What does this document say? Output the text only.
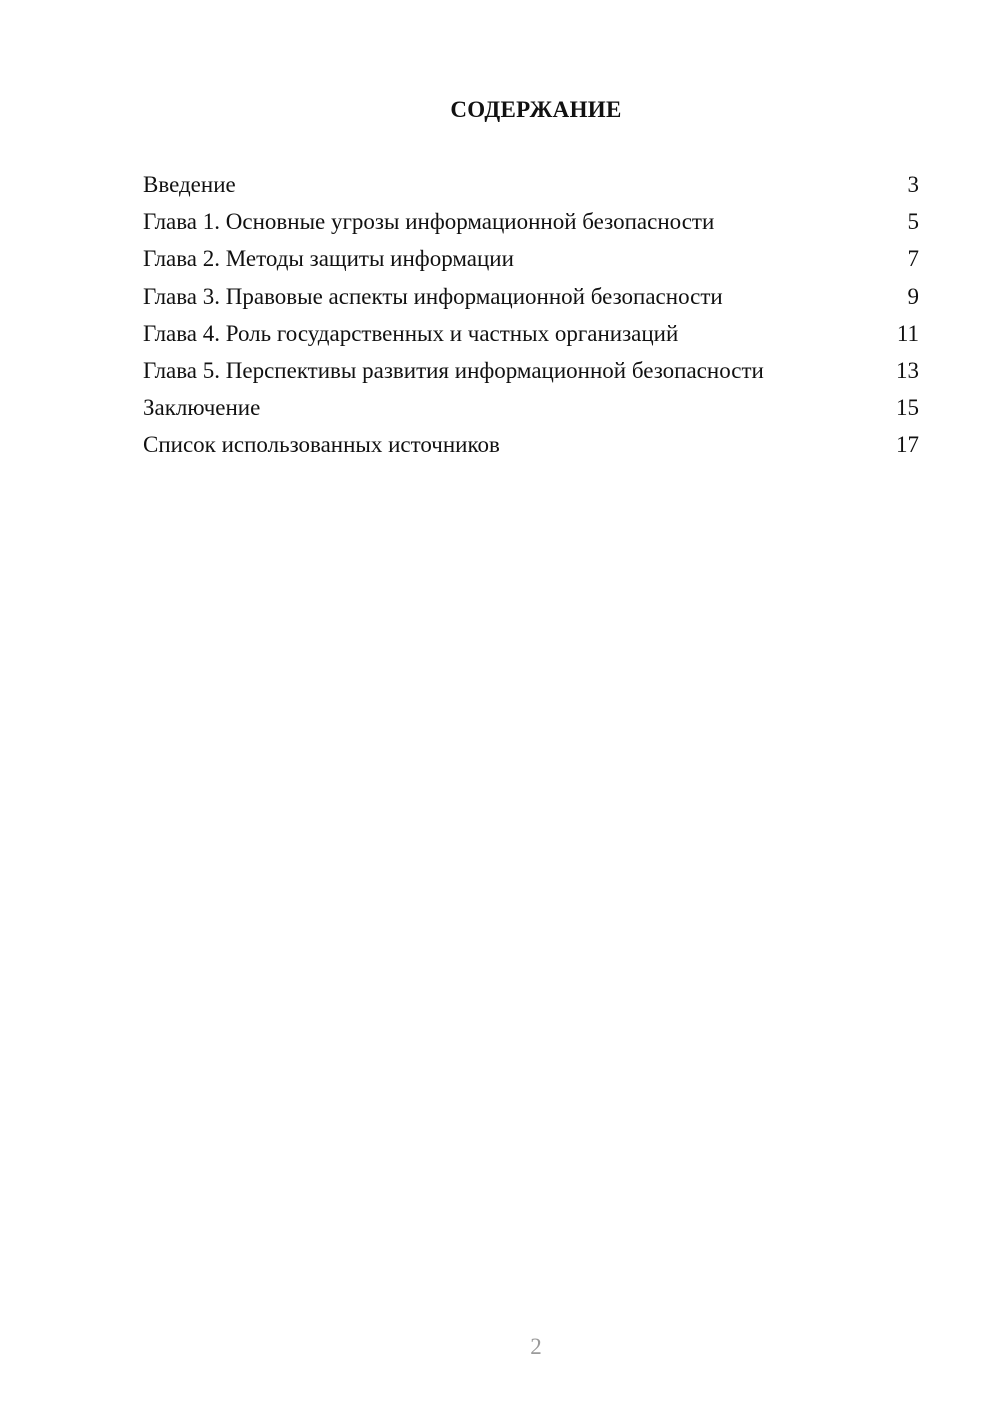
СОДЕРЖАНИЕ
Введение	3
Глава 1. Основные угрозы информационной безопасности	5
Глава 2. Методы защиты информации	7
Глава 3. Правовые аспекты информационной безопасности	9
Глава 4. Роль государственных и частных организаций	11
Глава 5. Перспективы развития информационной безопасности	13
Заключение	15
Список использованных источников	17
2
